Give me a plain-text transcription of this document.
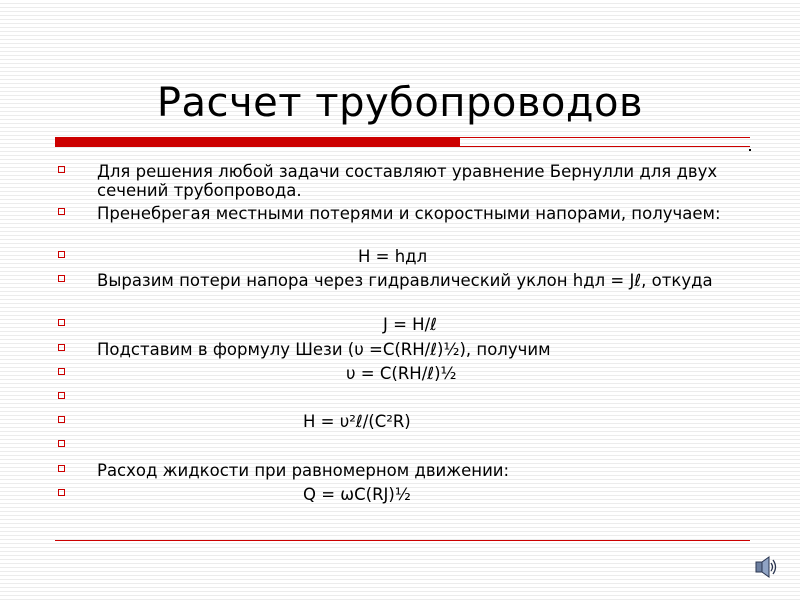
Расчет трубопроводов
Для решения любой задачи составляют уравнение Бернулли для двух сечений трубопровода.
Пренебрегая местными потерями и скоростными напорами, получаем:
H = hдл
Выразим потери напора через гидравлический уклон hдл = Jℓ, откуда
J = H/ℓ
Подставим в формулу Шези (υ =C(RH/ℓ)½), получим
υ = C(RH/ℓ)½
H = υ²ℓ/(C²R)
Расход жидкости при равномерном движении:
Q = ωC(RJ)½
